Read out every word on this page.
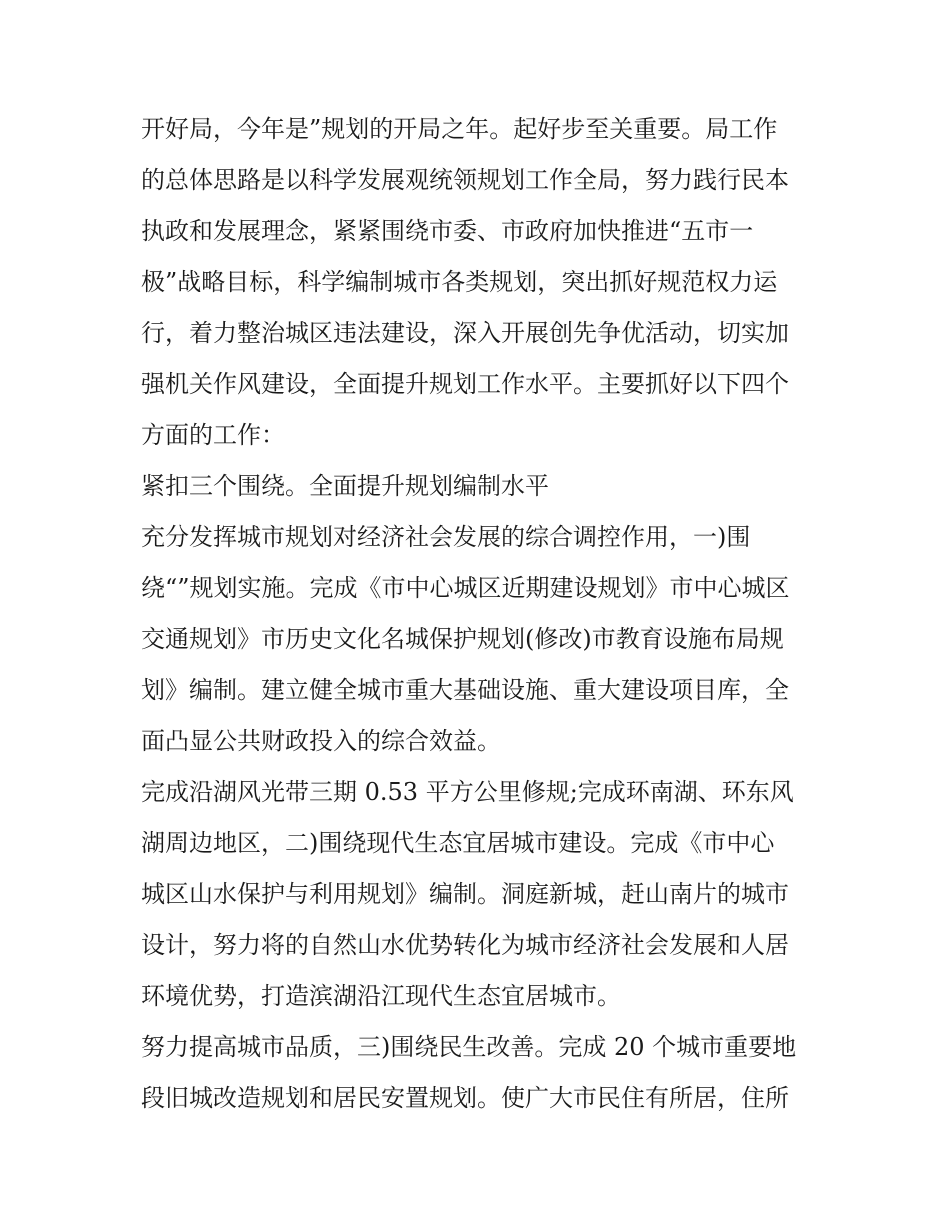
开好局，今年是”规划的开局之年。起好步至关重要。局工作
的总体思路是以科学发展观统领规划工作全局，努力践行民本
执政和发展理念，紧紧围绕市委、市政府加快推进“五市一
极”战略目标，科学编制城市各类规划，突出抓好规范权力运
行，着力整治城区违法建设，深入开展创先争优活动，切实加
强机关作风建设，全面提升规划工作水平。主要抓好以下四个
方面的工作：
紧扣三个围绕。全面提升规划编制水平
充分发挥城市规划对经济社会发展的综合调控作用，一)围
绕“”规划实施。完成《市中心城区近期建设规划》市中心城区
交通规划》市历史文化名城保护规划(修改)市教育设施布局规
划》编制。建立健全城市重大基础设施、重大建设项目库，全
面凸显公共财政投入的综合效益。
完成沿湖风光带三期 0.53 平方公里修规;完成环南湖、环东风
湖周边地区，二)围绕现代生态宜居城市建设。完成《市中心
城区山水保护与利用规划》编制。洞庭新城，赶山南片的城市
设计，努力将的自然山水优势转化为城市经济社会发展和人居
环境优势，打造滨湖沿江现代生态宜居城市。
努力提高城市品质，三)围绕民生改善。完成 20 个城市重要地
段旧城改造规划和居民安置规划。使广大市民住有所居，住所
